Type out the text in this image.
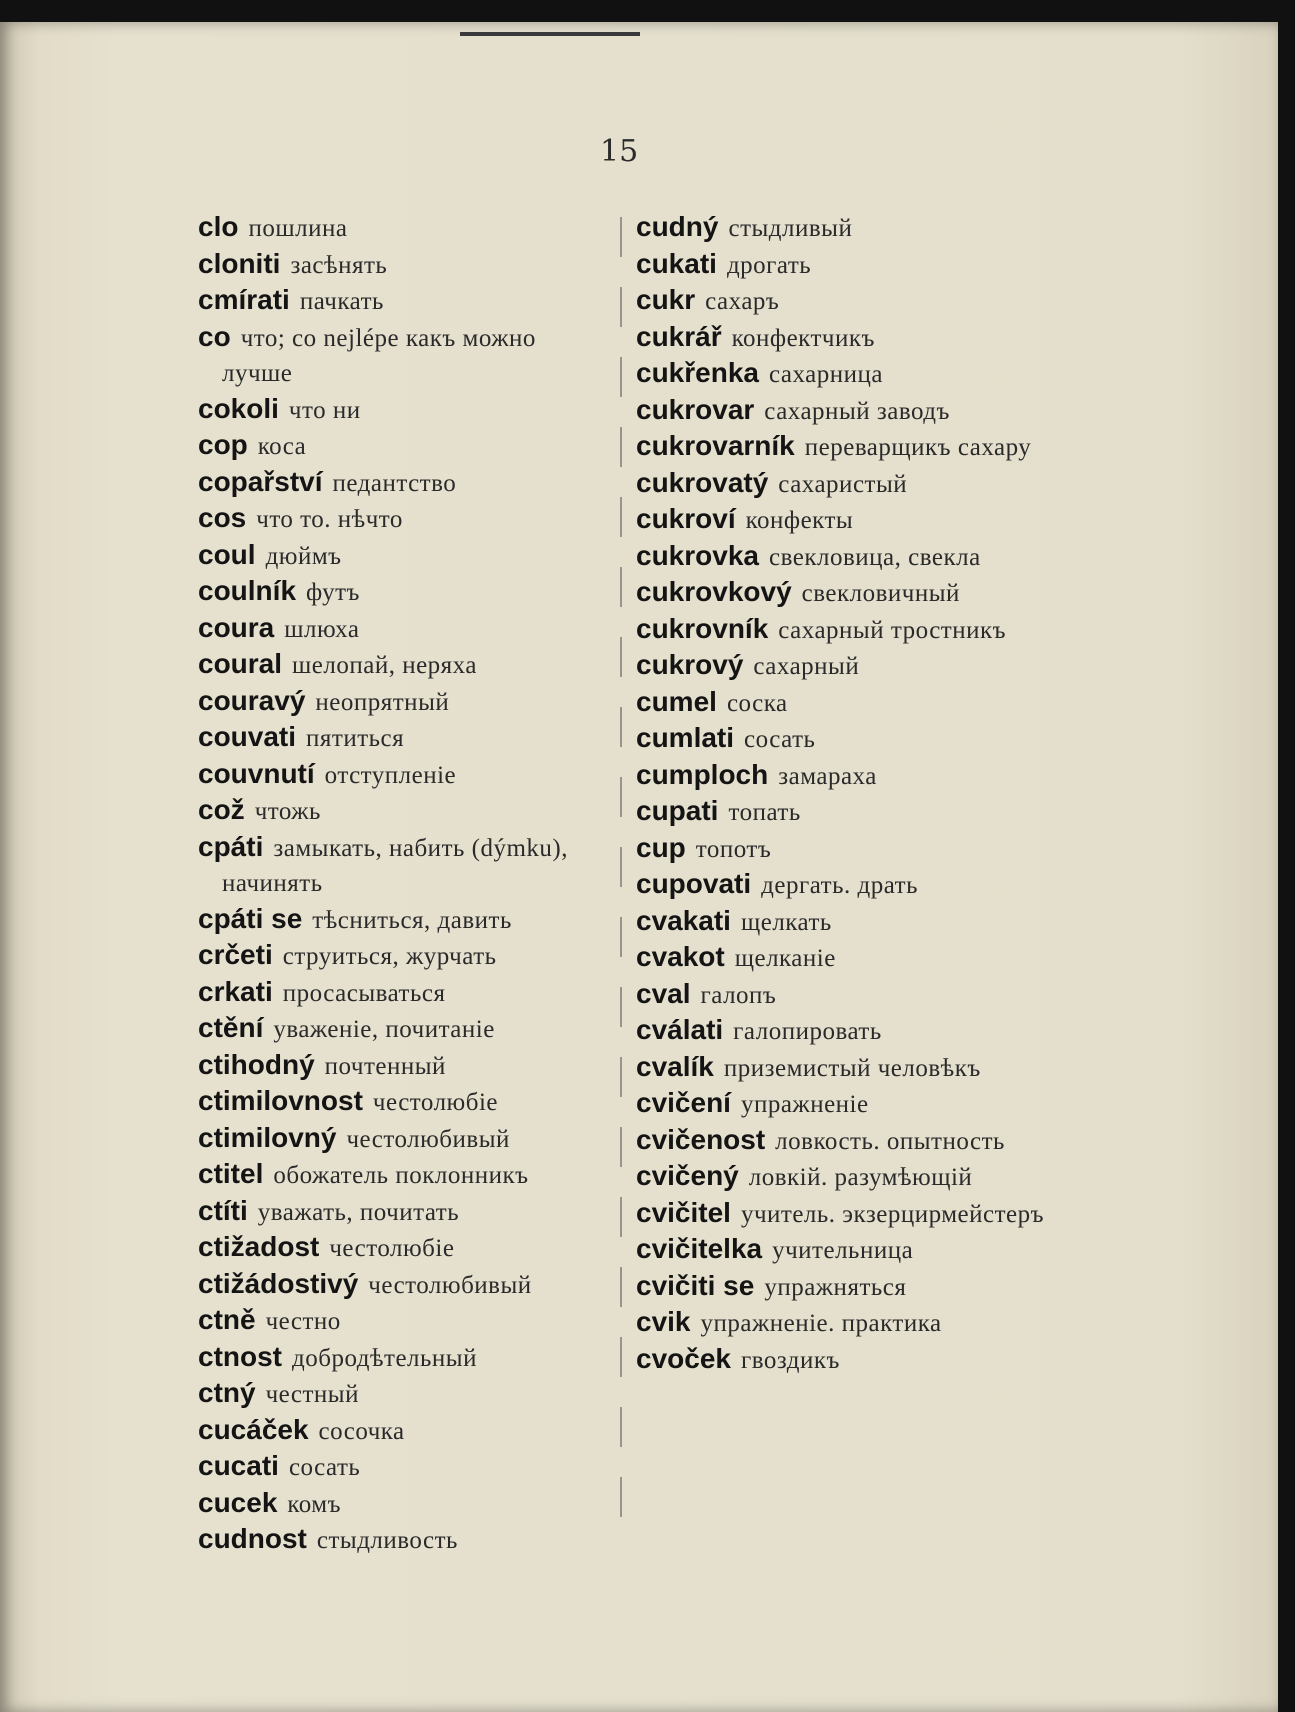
15
clo пошлина
cloniti засѣнять
cmírati пачкать
co что; co nejlépe какъ можно лучше
cokoli что ни
cop коса
copařství педантство
cos что то. нѣчто
coul дюймъ
coulník футъ
coura шлюха
coural шелопай, неряха
couravý неопрятный
couvati пятиться
couvnutí отступленіе
což чтожь
cpáti замыкать, набить (dýmku), начинять
cpáti se тѣсниться, давить
crčeti струиться, журчать
crkati просасываться
ctění уваженіе, почитаніе
ctihodný почтенный
ctimilovnost честолюбіе
ctimilovný честолюбивый
ctitel обожатель поклонникъ
ctíti уважать, почитать
ctižadost честолюбіе
ctižádostivý честолюбивый
ctně честно
ctnost добродѣтельный
ctný честный
cucáček сосочка
cucati сосать
cucek комъ
cudnost стыдливость
cudný стыдливый
cukati дрогать
cukr сахаръ
cukrář конфектчикъ
cukřenka сахарница
cukrovar сахарный заводъ
cukrovarník переварщикъ сахару
cukrovatý сахаристый
cukroví конфекты
cukrovka свекловица, свекла
cukrovkový свекловичный
cukrovník сахарный тростникъ
cukrový сахарный
cumel соска
cumlati сосать
cumploch замараха
cupati топать
cup топотъ
cupovati дергать. драть
cvakati щелкать
cvakot щелканіе
cval галопъ
cválati галопировать
cvalík приземистый человѣкъ
cvičení упражненіе
cvičenost ловкость. опытность
cvičený ловкій. разумѣющій
cvičitel учитель. экзерцирмейстеръ
cvičitelka учительница
cvičiti se упражняться
cvik упражненіе. практика
cvoček гвоздикъ
